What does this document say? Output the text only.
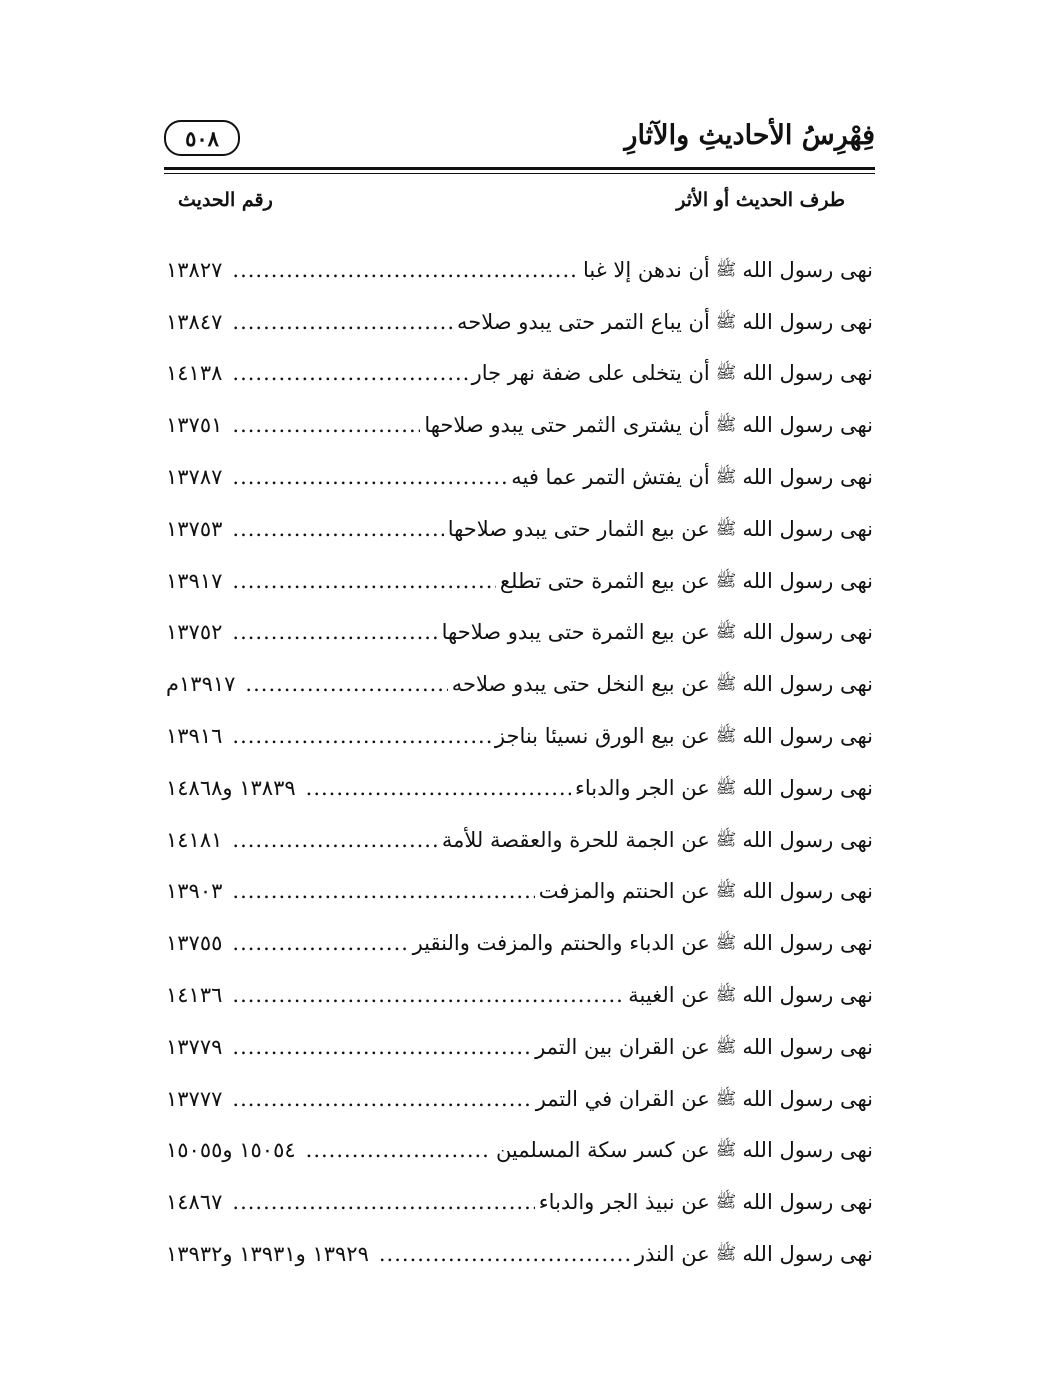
فِهْرِسُ الأحاديثِ والآثارِ
٥٠٨
طرف الحديث أو الأثر
رقم الحديث
نهى رسول الله
ﷺ
أن ندهن إلا غبا
.....
١٣٨٢٧
نهى رسول الله
ﷺ
أن يباع التمر حتى يبدو صلاحه
.....
١٣٨٤٧
نهى رسول الله
ﷺ
أن يتخلى على ضفة نهر جار
.....
١٤١٣٨
نهى رسول الله
ﷺ
أن يشترى الثمر حتى يبدو صلاحها
.....
١٣٧٥١
نهى رسول الله
ﷺ
أن يفتش التمر عما فيه
.....
١٣٧٨٧
نهى رسول الله
ﷺ
عن بيع الثمار حتى يبدو صلاحها
.....
١٣٧٥٣
نهى رسول الله
ﷺ
عن بيع الثمرة حتى تطلع
.....
١٣٩١٧
نهى رسول الله
ﷺ
عن بيع الثمرة حتى يبدو صلاحها
.....
١٣٧٥٢
نهى رسول الله
ﷺ
عن بيع النخل حتى يبدو صلاحه
.....
١٣٩١٧م
نهى رسول الله
ﷺ
عن بيع الورق نسيئا بناجز
.....
١٣٩١٦
نهى رسول الله
ﷺ
عن الجر والدباء
.....
١٣٨٣٩ و١٤٨٦٨
نهى رسول الله
ﷺ
عن الجمة للحرة والعقصة للأمة
.....
١٤١٨١
نهى رسول الله
ﷺ
عن الحنتم والمزفت
.....
١٣٩٠٣
نهى رسول الله
ﷺ
عن الدباء والحنتم والمزفت والنقير
.....
١٣٧٥٥
نهى رسول الله
ﷺ
عن الغيبة
.....
١٤١٣٦
نهى رسول الله
ﷺ
عن القران بين التمر
.....
١٣٧٧٩
نهى رسول الله
ﷺ
عن القران في التمر
.....
١٣٧٧٧
نهى رسول الله
ﷺ
عن كسر سكة المسلمين
.....
١٥٠٥٤ و١٥٠٥٥
نهى رسول الله
ﷺ
عن نبيذ الجر والدباء
.....
١٤٨٦٧
نهى رسول الله
ﷺ
عن النذر
.....
١٣٩٢٩ و١٣٩٣١ و١٣٩٣٢
